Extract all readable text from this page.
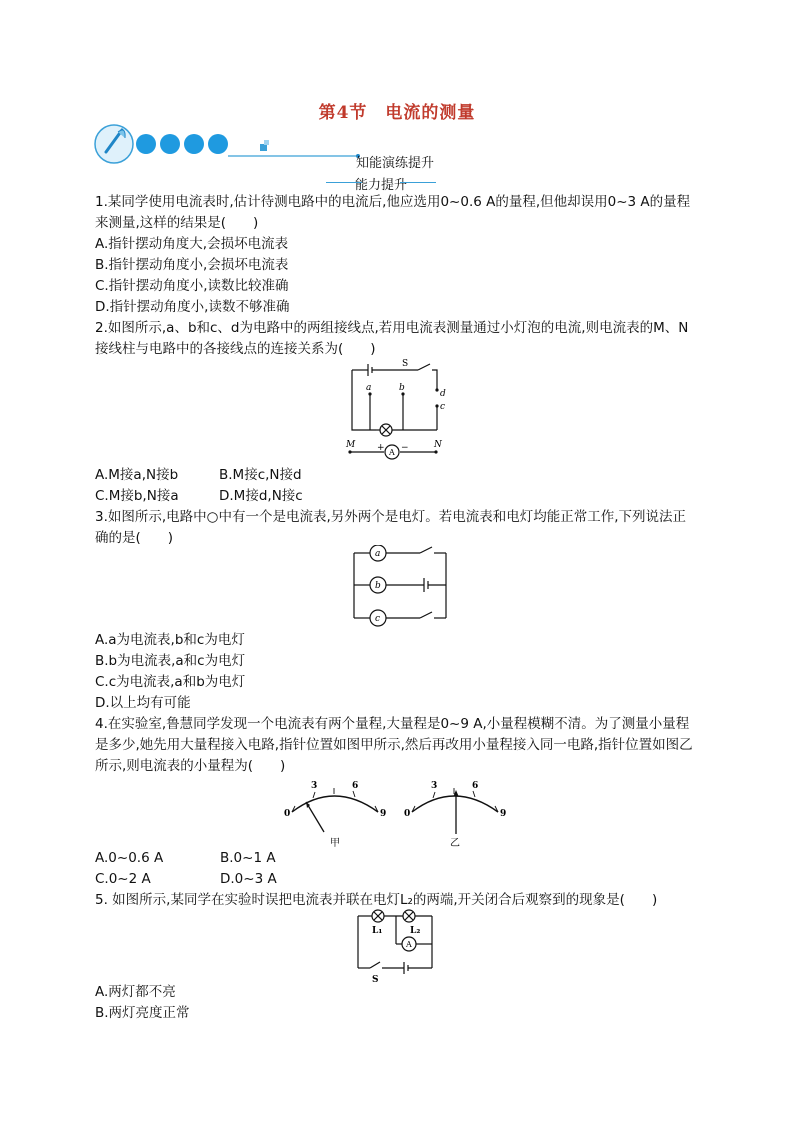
第4节　电流的测量
知能演练提升
能力提升
1.某同学使用电流表时,估计待测电路中的电流后,他应选用0~0.6 A的量程,但他却误用0~3 A的量程来测量,这样的结果是(　　)
A.指针摆动角度大,会损坏电流表
B.指针摆动角度小,会损坏电流表
C.指针摆动角度小,读数比较准确
D.指针摆动角度小,读数不够准确
2.如图所示,a、b和c、d为电路中的两组接线点,若用电流表测量通过小灯泡的电流,则电流表的M、N接线柱与电路中的各接线点的连接关系为(　　)
S
a	b
d
c
M	N
+ −
A
A.M接a,N接b	B.M接c,N接d
C.M接b,N接a	D.M接d,N接c
3.如图所示,电路中○中有一个是电流表,另外两个是电灯。若电流表和电灯均能正常工作,下列说法正确的是(　　)
a
b
c
A.a为电流表,b和c为电灯
B.b为电流表,a和c为电灯
C.c为电流表,a和b为电灯
D.以上均有可能
4.在实验室,鲁慧同学发现一个电流表有两个量程,大量程是0~9 A,小量程模糊不清。为了测量小量程是多少,她先用大量程接入电路,指针位置如图甲所示,然后再改用小量程接入同一电路,指针位置如图乙所示,则电流表的小量程为(　　)
0
3	6
9
甲
0
3	6
9
乙
A.0~0.6 A	B.0~1 A
C.0~2 A	D.0~3 A
5. 如图所示,某同学在实验时误把电流表并联在电灯L₂的两端,开关闭合后观察到的现象是(　　)
L₁	L₂
A
S
A.两灯都不亮
B.两灯亮度正常
